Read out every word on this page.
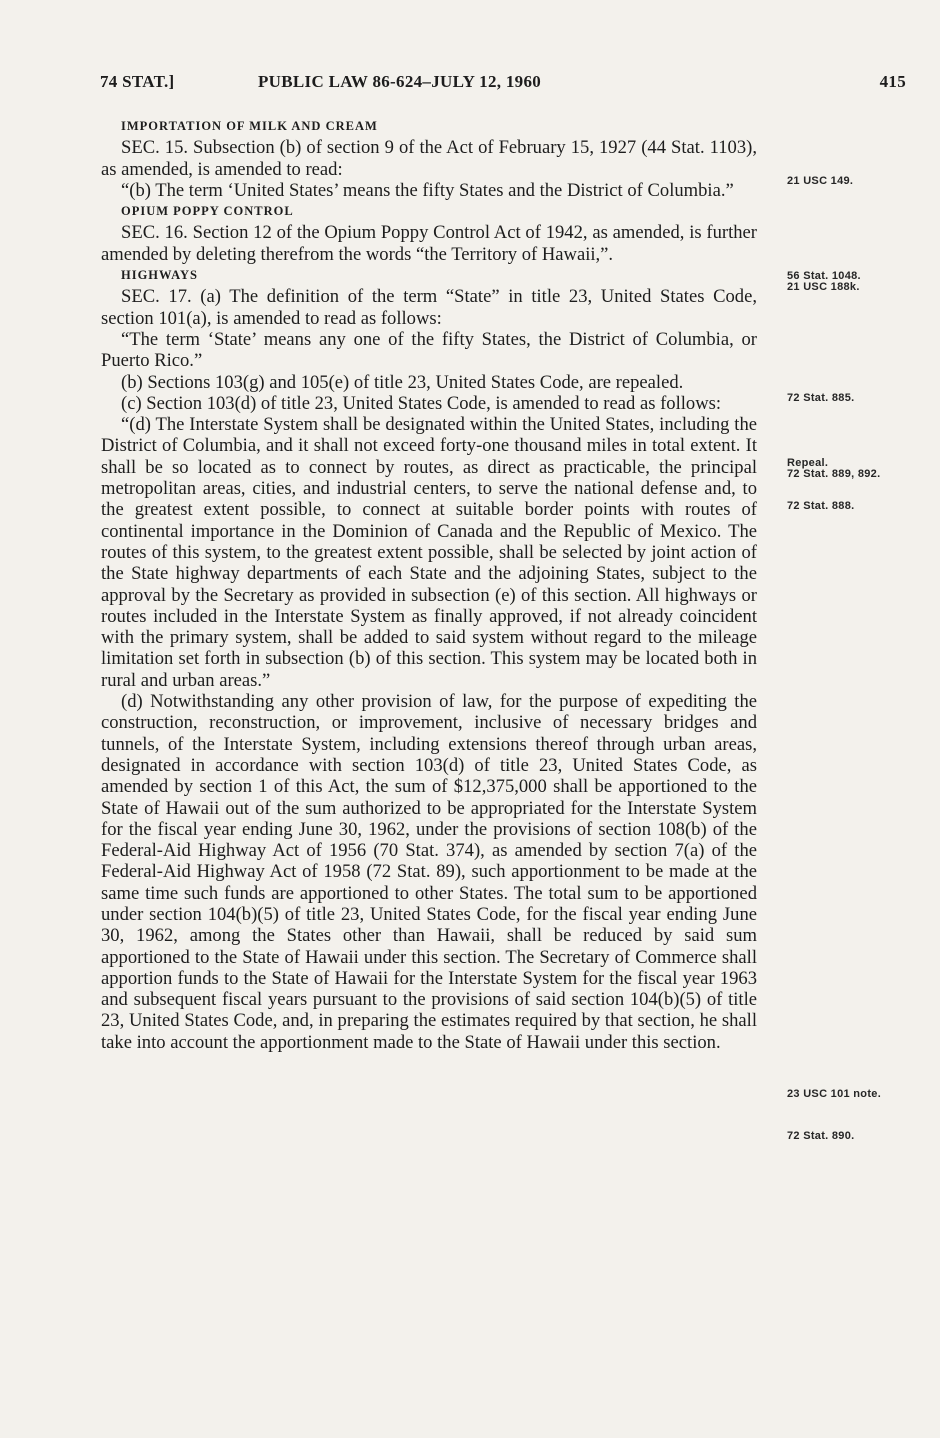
74 STAT.]	PUBLIC LAW 86-624–JULY 12, 1960	415

IMPORTATION OF MILK AND CREAM

SEC. 15. Subsection (b) of section 9 of the Act of February 15, 1927 (44 Stat. 1103), as amended, is amended to read:

“(b) The term ‘United States’ means the fifty States and the District of Columbia.”

OPIUM POPPY CONTROL

SEC. 16. Section 12 of the Opium Poppy Control Act of 1942, as amended, is further amended by deleting therefrom the words “the Territory of Hawaii,”.

HIGHWAYS

SEC. 17. (a) The definition of the term “State” in title 23, United States Code, section 101(a), is amended to read as follows:

“The term ‘State’ means any one of the fifty States, the District of Columbia, or Puerto Rico.”

(b) Sections 103(g) and 105(e) of title 23, United States Code, are repealed.

(c) Section 103(d) of title 23, United States Code, is amended to read as follows:

“(d) The Interstate System shall be designated within the United States, including the District of Columbia, and it shall not exceed forty-one thousand miles in total extent. It shall be so located as to connect by routes, as direct as practicable, the principal metropolitan areas, cities, and industrial centers, to serve the national defense and, to the greatest extent possible, to connect at suitable border points with routes of continental importance in the Dominion of Canada and the Republic of Mexico. The routes of this system, to the greatest extent possible, shall be selected by joint action of the State highway departments of each State and the adjoining States, subject to the approval by the Secretary as provided in subsection (e) of this section. All highways or routes included in the Interstate System as finally approved, if not already coincident with the primary system, shall be added to said system without regard to the mileage limitation set forth in subsection (b) of this section. This system may be located both in rural and urban areas.”

(d) Notwithstanding any other provision of law, for the purpose of expediting the construction, reconstruction, or improvement, inclusive of necessary bridges and tunnels, of the Interstate System, including extensions thereof through urban areas, designated in accordance with section 103(d) of title 23, United States Code, as amended by section 1 of this Act, the sum of $12,375,000 shall be apportioned to the State of Hawaii out of the sum authorized to be appropriated for the Interstate System for the fiscal year ending June 30, 1962, under the provisions of section 108(b) of the Federal-Aid Highway Act of 1956 (70 Stat. 374), as amended by section 7(a) of the Federal-Aid Highway Act of 1958 (72 Stat. 89), such apportionment to be made at the same time such funds are apportioned to other States. The total sum to be apportioned under section 104(b)(5) of title 23, United States Code, for the fiscal year ending June 30, 1962, among the States other than Hawaii, shall be reduced by said sum apportioned to the State of Hawaii under this section. The Secretary of Commerce shall apportion funds to the State of Hawaii for the Interstate System for the fiscal year 1963 and subsequent fiscal years pursuant to the provisions of said section 104(b)(5) of title 23, United States Code, and, in preparing the estimates required by that section, he shall take into account the apportionment made to the State of Hawaii under this section.

21 USC 149.
56 Stat. 1048.
21 USC 188k.
72 Stat. 885.
Repeal.
72 Stat. 889, 892.
72 Stat. 888.
23 USC 101 note.
72 Stat. 890.
